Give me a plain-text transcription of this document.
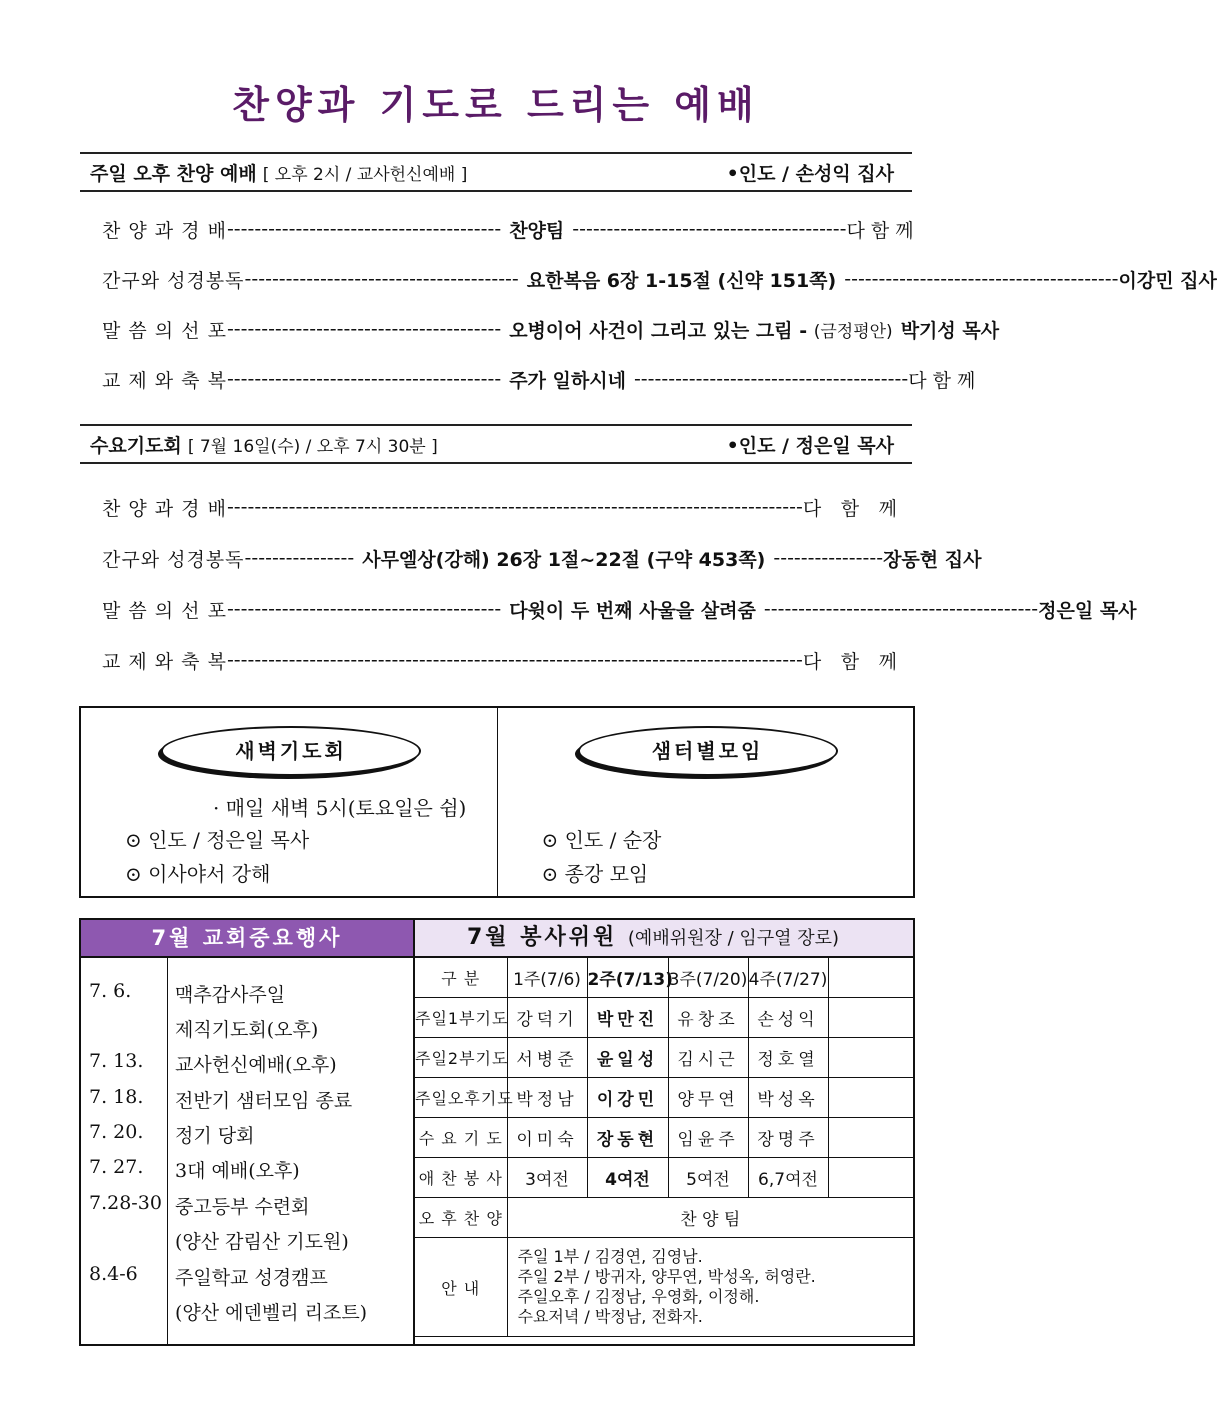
찬양과 기도로 드리는 예배
주일 오후 찬양 예배 [ 오후 2시 / 교사헌신예배 ]	•인도 / 손성익 집사
찬 양 과 경 배 ---------------------------------------- 찬양팀 ---------------------------------------- 다 함 께
간구와 성경봉독 ---------------------------------------- 요한복음 6장 1-15절 (신약 151쪽) ---------------------------------------- 이강민 집사
말 씀 의 선 포 ---------------------------------------- 오병이어 사건이 그리고 있는 그림 - (금정평안) 박기성 목사
교 제 와 축 복 ---------------------------------------- 주가 일하시네 ---------------------------------------- 다 함 께
수요기도회 [ 7월 16일(수) / 오후 7시 30분 ]	•인도 / 정은일 목사
찬 양 과 경 배 ------------------------------------------------------------------------------------ 다 함 께
간구와 성경봉독 ---------------- 사무엘상(강해) 26장 1절~22절 (구약 453쪽) ---------------- 장동현 집사
말 씀 의 선 포 ---------------------------------------- 다윗이 두 번째 사울을 살려줌 ---------------------------------------- 정은일 목사
교 제 와 축 복 ------------------------------------------------------------------------------------ 다 함 께
새벽기도회
· 매일 새벽 5시(토요일은 쉼)
⊙ 인도 / 정은일 목사
⊙ 이사야서 강해
샘터별모임
⊙ 인도 / 순장
⊙ 종강 모임
7월 교회중요행사
7. 6. 맥추감사주일
제직기도회(오후)
7. 13. 교사헌신예배(오후)
7. 18. 전반기 샘터모임 종료
7. 20. 정기 당회
7. 27. 3대 예배(오후)
7.28-30 중고등부 수련회
(양산 감림산 기도원)
8.4-6 주일학교 성경캠프
(양산 에덴벨리 리조트)
7월 봉사위원 (예배위원장 / 임구열 장로)
구 분	1주(7/6)	2주(7/13)	3주(7/20)	4주(7/27)	
주일1부기도	강덕기	박만진	유창조	손성익	
주일2부기도	서병준	윤일성	김시근	정호열	
주일오후기도	박정남	이강민	양무연	박성옥	
수 요 기 도	이미숙	장동현	임윤주	장명주	
애 찬 봉 사	3여전	4여전	5여전	6,7여전	
오 후 찬 양	찬 양 팀				
안 내	주일 1부 / 김경연, 김영남.
주일 2부 / 방귀자, 양무연, 박성옥, 허영란.
주일오후 / 김정남, 우영화, 이정해.
수요저녁 / 박정남, 전화자.				
